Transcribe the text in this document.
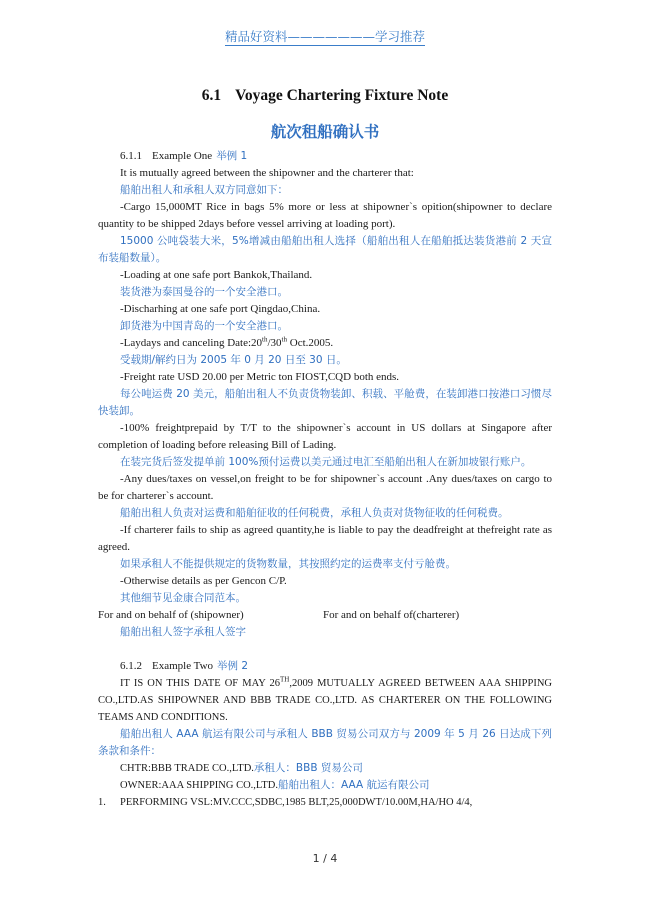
精品好资料———————学习推荐
6.1 Voyage Chartering Fixture Note
航次租船确认书
6.1.1 Example One 举例 1
It is mutually agreed between the shipowner and the charterer that:
船舶出租人和承租人双方同意如下：
-Cargo 15,000MT Rice in bags 5% more or less at shipowner`s opition(shipowner to declare quantity to be shipped 2days before vessel arriving at loading port).
15000 公吨袋装大米，5%增减由船舶出租人选择（船舶出租人在船舶抵达装货港前 2 天宣布装船数量）。
-Loading at one safe port Bankok,Thailand.
装货港为泰国曼谷的一个安全港口。
-Discharhing at one safe port Qingdao,China.
卸货港为中国青岛的一个安全港口。
-Laydays and canceling Date:20th/30th Oct.2005.
受载期/解约日为 2005 年 0 月 20 日至 30 日。
-Freight rate USD 20.00 per Metric ton FIOST,CQD both ends.
每公吨运费 20 美元，船舶出租人不负责货物装卸、积载、平舱费，在装卸港口按港口习惯尽快装卸。
-100% freightprepaid by T/T to the shipowner`s account in US dollars at Singapore after completion of loading before releasing Bill of Lading.
在装完货后签发提单前 100%预付运费以美元通过电汇至船舶出租人在新加坡银行账户。
-Any dues/taxes on vessel,on freight to be for shipowner`s account .Any dues/taxes on cargo to be for charterer`s account.
船舶出租人负责对运费和船舶征收的任何税费，承租人负责对货物征收的任何税费。
-If charterer fails to ship as agreed quantity,he is liable to pay the deadfreight at thefreight rate as agreed.
如果承租人不能提供规定的货物数量，其按照约定的运费率支付亏舱费。
-Otherwise details as per Gencon C/P.
其他细节见金康合同范本。
For and on behalf of (shipowner)	For and on behalf of(charterer)
船舶出租人签字承租人签字
6.1.2 Example Two 举例 2
IT IS ON THIS DATE OF MAY 26TH,2009 MUTUALLY AGREED BETWEEN AAA SHIPPING CO.,LTD.AS SHIPOWNER AND BBB TRADE CO.,LTD. AS CHARTERER ON THE FOLLOWING TEAMS AND CONDITIONS.
船舶出租人 AAA 航运有限公司与承租人 BBB 贸易公司双方与 2009 年 5 月 26 日达成下列条款和条件：
CHTR:BBB TRADE CO.,LTD.承租人：BBB 贸易公司
OWNER:AAA SHIPPING CO.,LTD.船舶出租人：AAA 航运有限公司
1. PERFORMING VSL:MV.CCC,SDBC,1985 BLT,25,000DWT/10.00M,HA/HO 4/4,
1 / 4
